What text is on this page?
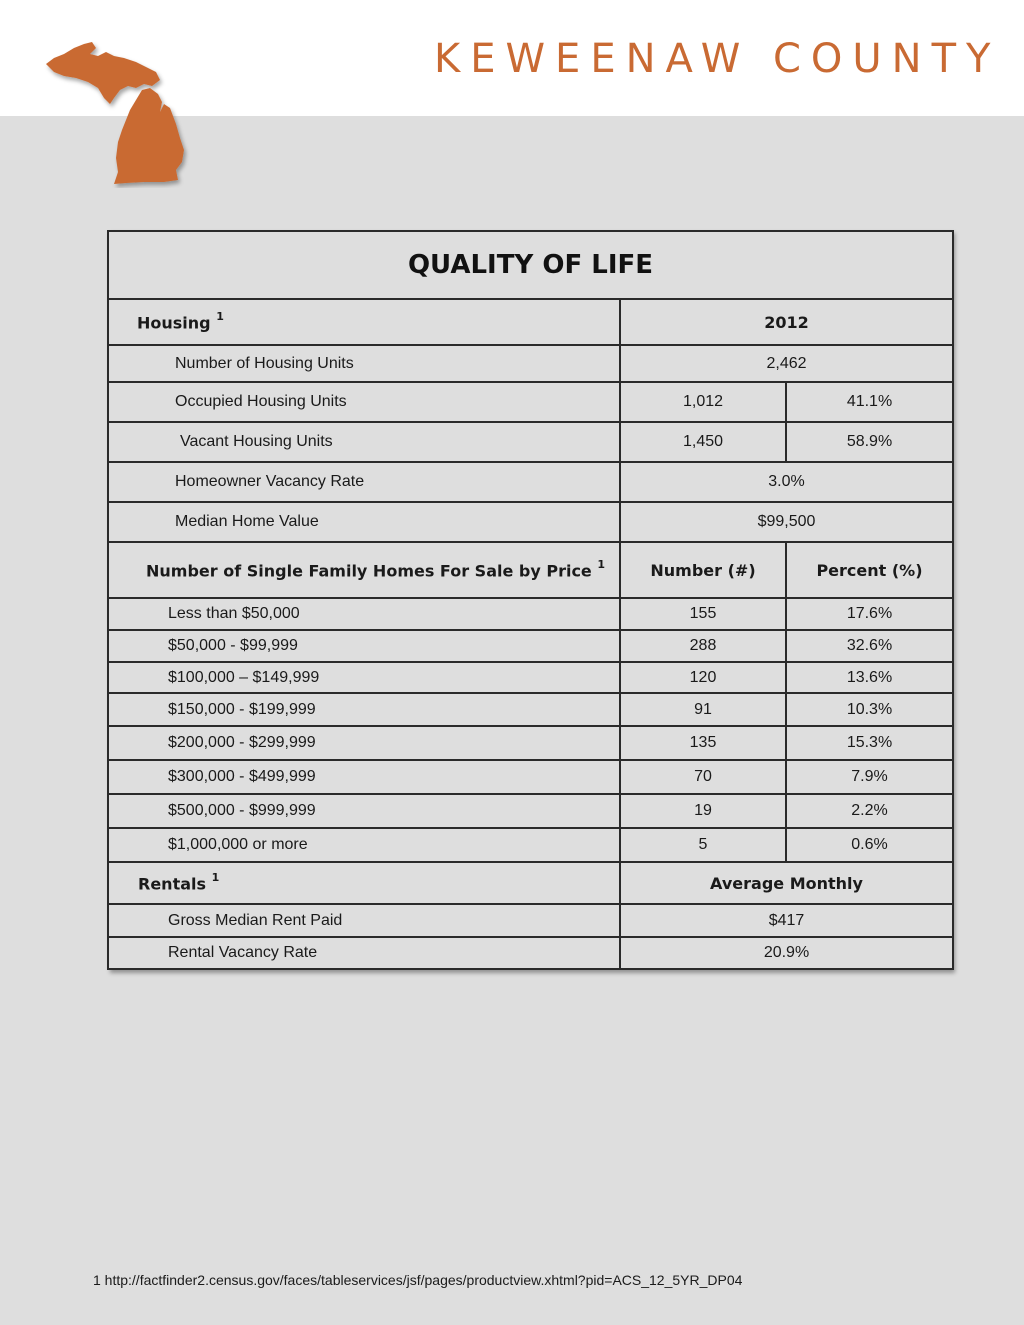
KEWEENAW COUNTY
QUALITY OF LIFE		
Housing $^1$	2012	
Number of Housing Units	2,462	
Occupied Housing Units	1,012	41.1%
Vacant Housing Units	1,450	58.9%
Homeowner Vacancy Rate	3.0%	
Median Home Value	$99,500	
Number of Single Family Homes For Sale by Price $^1$	Number (#)	Percent (%)
Less than $50,000	155	17.6%
$50,000 - $99,999	288	32.6%
$100,000 – $149,999	120	13.6%
$150,000 - $199,999	91	10.3%
$200,000 - $299,999	135	15.3%
$300,000 - $499,999	70	7.9%
$500,000 - $999,999	19	2.2%
$1,000,000 or more	5	0.6%
Rentals $^1$	Average Monthly	
Gross Median Rent Paid	$417	
Rental Vacancy Rate	20.9%	
1 http://factfinder2.census.gov/faces/tableservices/jsf/pages/productview.xhtml?pid=ACS_12_5YR_DP04
